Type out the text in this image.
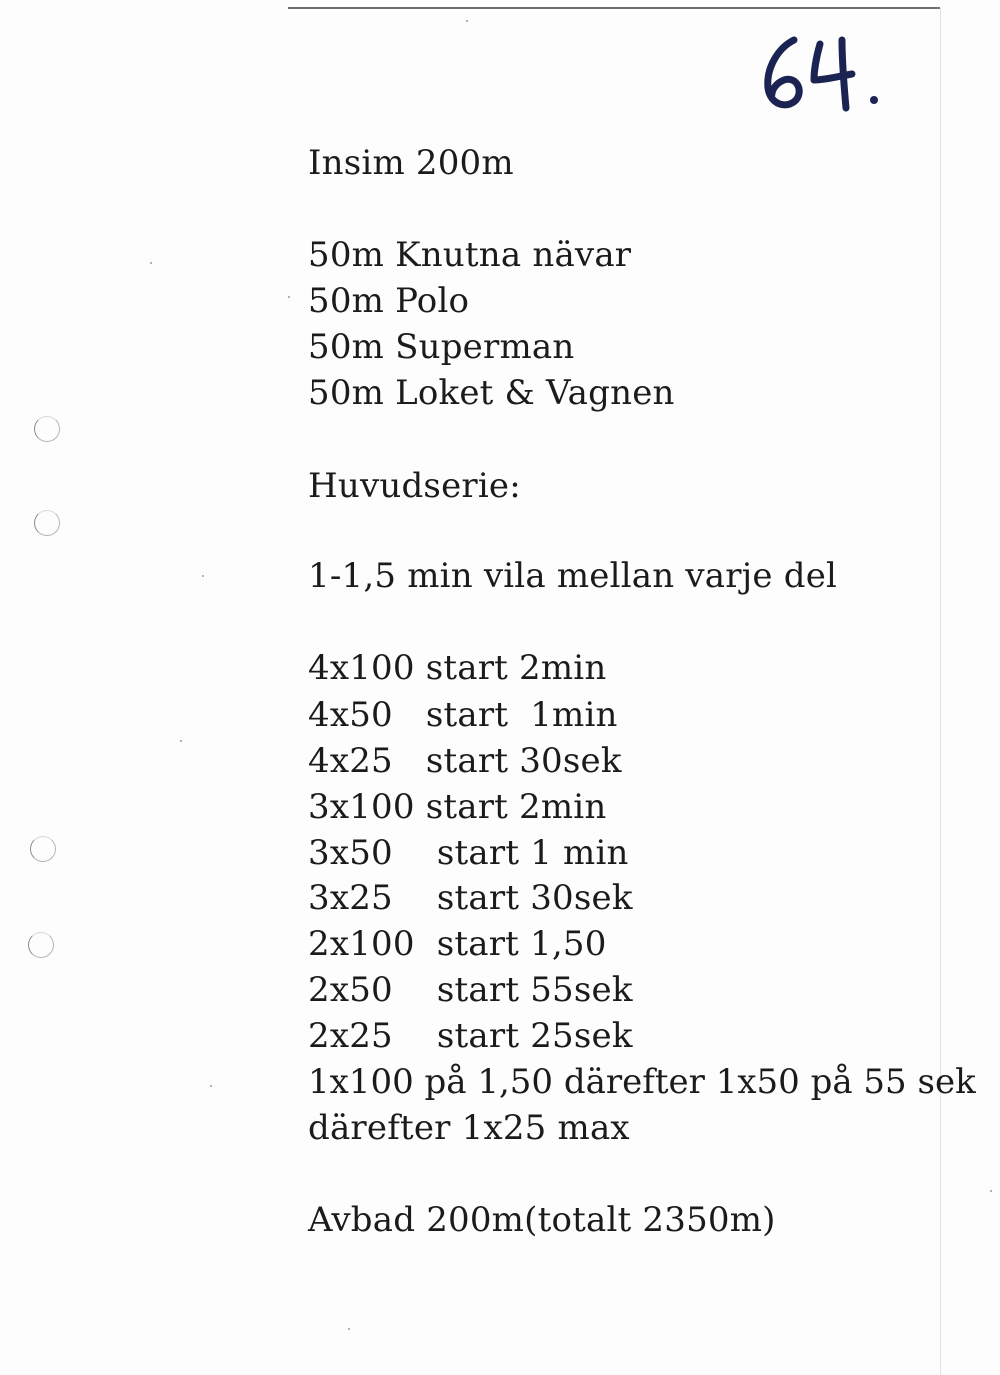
Insim 200m
50m Knutna nävar
50m Polo
50m Superman
50m Loket & Vagnen
Huvudserie:
1-1,5 min vila mellan varje del
4x100 start 2min
4x50   start  1min
4x25   start 30sek
3x100 start 2min
3x50    start 1 min
3x25    start 30sek
2x100  start 1,50
2x50    start 55sek
2x25    start 25sek
1x100 på 1,50 därefter 1x50 på 55 sek
därefter 1x25 max
Avbad 200m(totalt 2350m)
